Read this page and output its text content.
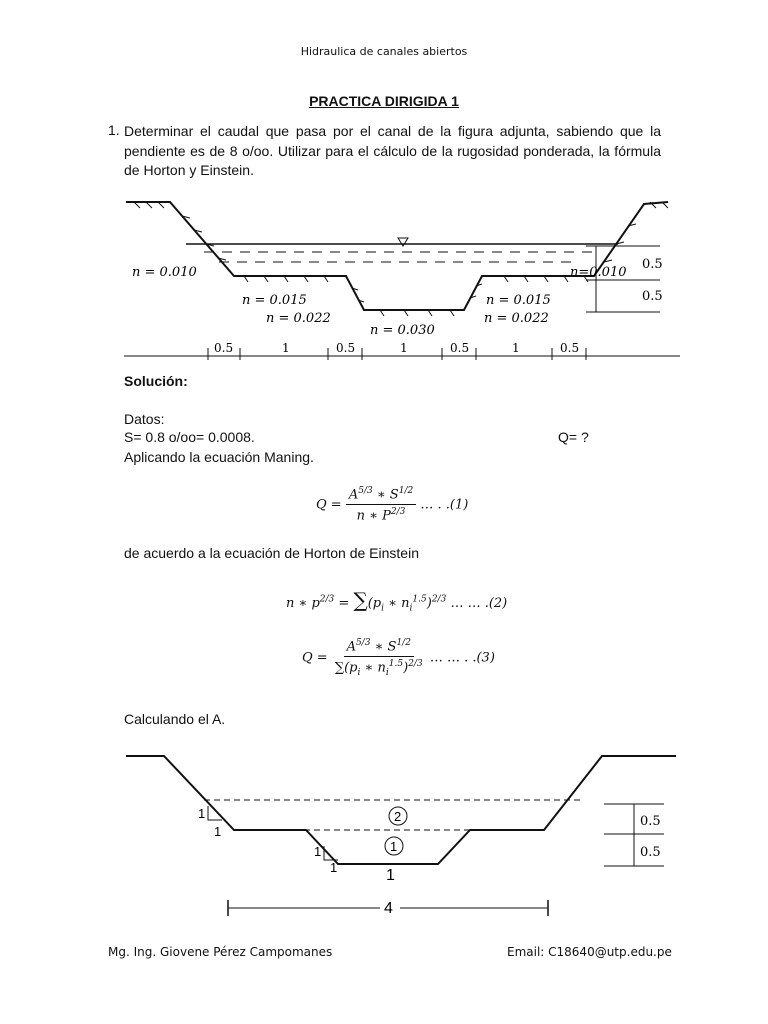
Hidraulica de canales abiertos
PRACTICA DIRIGIDA 1
1. Determinar el caudal que pasa por el canal de la figura adjunta, sabiendo que la pendiente es de 8 o/oo. Utilizar para el cálculo de la rugosidad ponderada, la fórmula de Horton y Einstein.
0.5
0.5
n = 0.010	n=0.010
n = 0.015
n = 0.022
n = 0.015
n = 0.022
n = 0.030
0.5	1	0.5	1	0.5	1	0.5
Solución:
Datos:
S= 0.8 o/oo= 0.0008.	Q= ?
Aplicando la ecuación Maning.
$Q = \frac{A^{5/3} ∗ S^{1/2}}{n ∗ P^{2/3}}$ … . .(1)
de acuerdo a la ecuación de Horton de Einstein
n ∗ $p^{2/3} = \sum(p_i$ ∗ $n_i^{1.5})^{2/3}$ … … .(2)
$Q = \frac{A^{5/3} ∗ S^{1/2}}{\sum(p_i ∗ n_i^{1.5})^{2/3}}$ … … . .(3)
Calculando el A.
1
1
1
1
2
1
1
4
0.5
0.5
Mg. Ing. Giovene Pérez Campomanes	Email: C18640@utp.edu.pe
